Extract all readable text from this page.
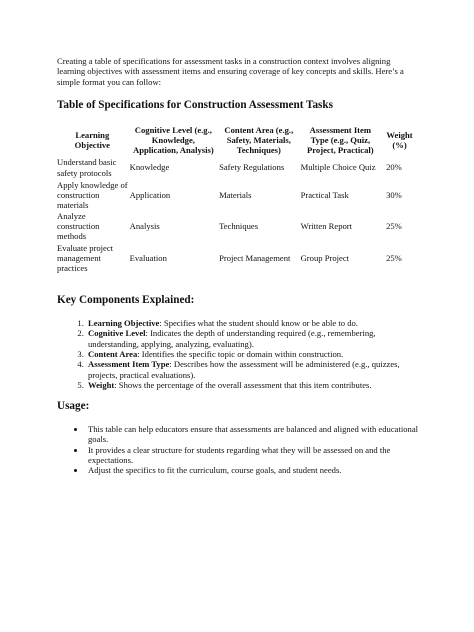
Creating a table of specifications for assessment tasks in a construction context involves aligning learning objectives with assessment items and ensuring coverage of key concepts and skills. Here’s a simple format you can follow:

Table of Specifications for Construction Assessment Tasks
Learning Objective	Cognitive Level (e.g., Knowledge, Application, Analysis)	Content Area (e.g., Safety, Materials, Techniques)	Assessment Item Type (e.g., Quiz, Project, Practical)	Weight (%)
Understand basic safety protocols	Knowledge	Safety Regulations	Multiple Choice Quiz	20%
Apply knowledge of construction materials	Application	Materials	Practical Task	30%
Analyze construction methods	Analysis	Techniques	Written Report	25%
Evaluate project management practices	Evaluation	Project Management	Group Project	25%
Key Components Explained:
1. Learning Objective: Specifies what the student should know or be able to do.
2. Cognitive Level: Indicates the depth of understanding required (e.g., remembering, understanding, applying, analyzing, evaluating).
3. Content Area: Identifies the specific topic or domain within construction.
4. Assessment Item Type: Describes how the assessment will be administered (e.g., quizzes, projects, practical evaluations).
5. Weight: Shows the percentage of the overall assessment that this item contributes.
Usage:
• This table can help educators ensure that assessments are balanced and aligned with educational goals.
• It provides a clear structure for students regarding what they will be assessed on and the expectations.
• Adjust the specifics to fit the curriculum, course goals, and student needs.
